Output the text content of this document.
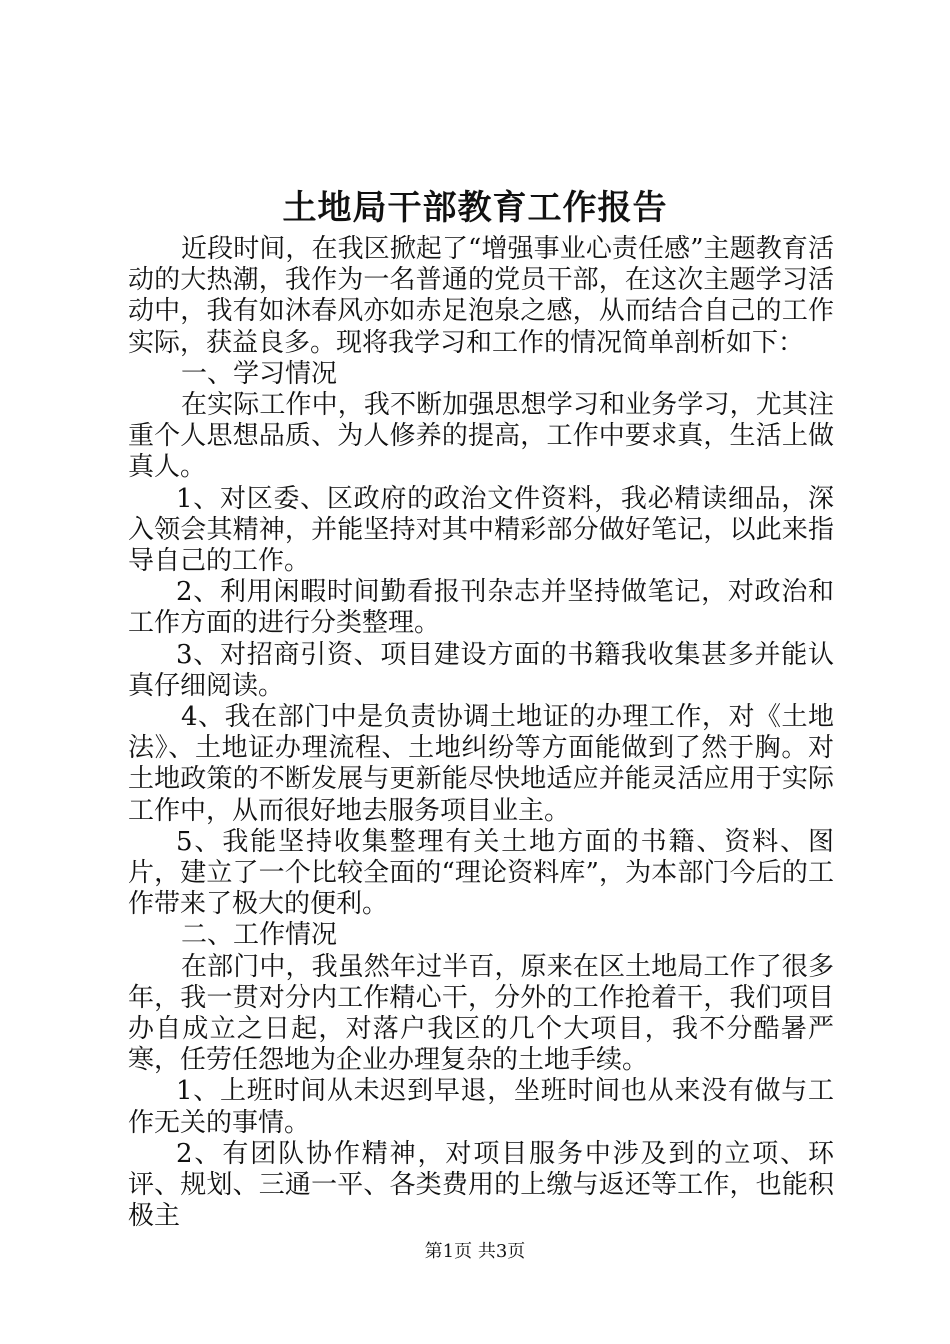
土地局干部教育工作报告

近段时间，在我区掀起了“增强事业心责任感”主题教育活动的大热潮，我作为一名普通的党员干部，在这次主题学习活动中，我有如沐春风亦如赤足泡泉之感，从而结合自己的工作实际，获益良多。现将我学习和工作的情况简单剖析如下：

一、学习情况

在实际工作中，我不断加强思想学习和业务学习，尤其注重个人思想品质、为人修养的提高，工作中要求真，生活上做真人。

1、对区委、区政府的政治文件资料，我必精读细品，深入领会其精神，并能坚持对其中精彩部分做好笔记，以此来指导自己的工作。

2、利用闲暇时间勤看报刊杂志并坚持做笔记，对政治和工作方面的进行分类整理。

3、对招商引资、项目建设方面的书籍我收集甚多并能认真仔细阅读。

4、我在部门中是负责协调土地证的办理工作，对《土地法》、土地证办理流程、土地纠纷等方面能做到了然于胸。对土地政策的不断发展与更新能尽快地适应并能灵活应用于实际工作中，从而很好地去服务项目业主。

5、我能坚持收集整理有关土地方面的书籍、资料、图片，建立了一个比较全面的“理论资料库”，为本部门今后的工作带来了极大的便利。

二、工作情况

在部门中，我虽然年过半百，原来在区土地局工作了很多年，我一贯对分内工作精心干，分外的工作抢着干，我们项目办自成立之日起，对落户我区的几个大项目，我不分酷暑严寒，任劳任怨地为企业办理复杂的土地手续。

1、上班时间从未迟到早退，坐班时间也从来没有做与工作无关的事情。

2、有团队协作精神，对项目服务中涉及到的立项、环评、规划、三通一平、各类费用的上缴与返还等工作，也能积极主

第1页 共3页
